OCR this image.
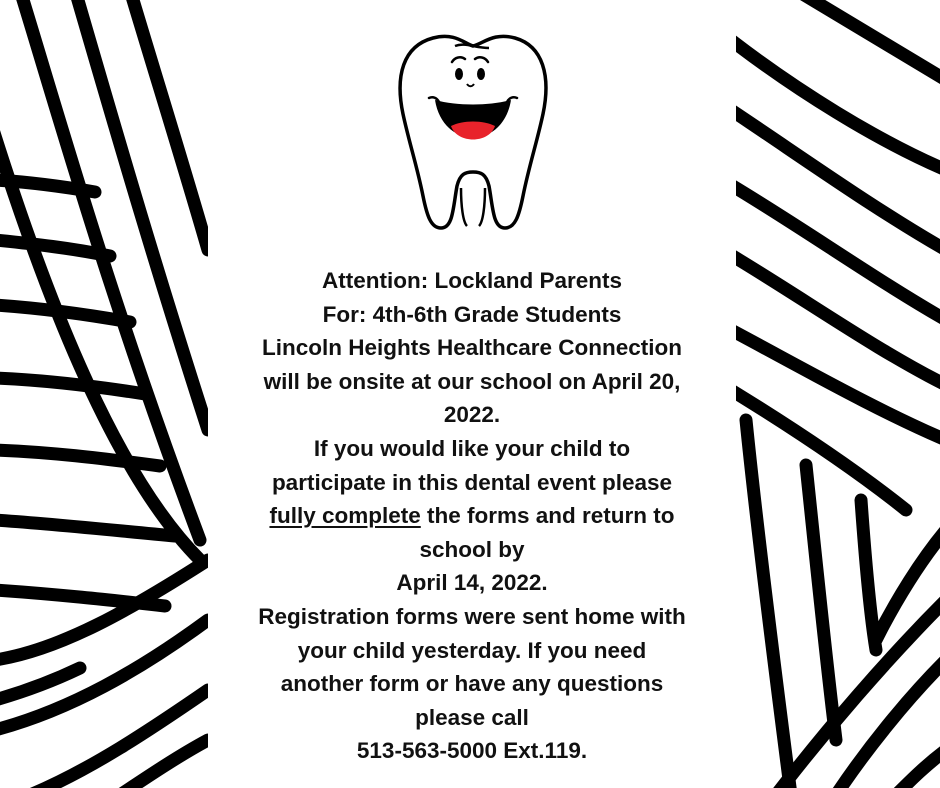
Attention: Lockland Parents
For: 4th-6th Grade Students
Lincoln Heights Healthcare Connection
will be onsite at our school on April 20,
2022.
If you would like your child to
participate in this dental event please
fully complete the forms and return to
school by
April 14, 2022.
Registration forms were sent home with
your child yesterday. If you need
another form or have any questions
please call
513-563-5000 Ext.119.
